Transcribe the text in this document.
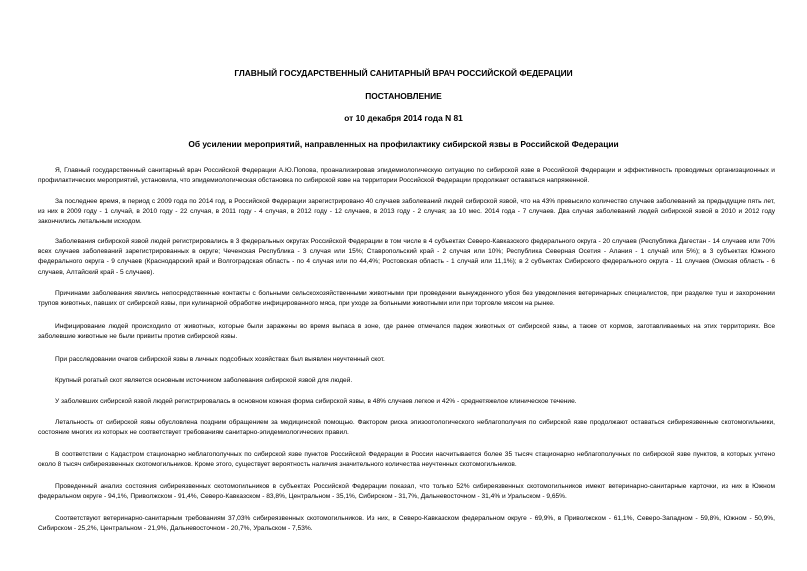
ГЛАВНЫЙ ГОСУДАРСТВЕННЫЙ САНИТАРНЫЙ ВРАЧ РОССИЙСКОЙ ФЕДЕРАЦИИ
ПОСТАНОВЛЕНИЕ
от 10 декабря 2014 года N 81
Об усилении мероприятий, направленных на профилактику сибирской язвы в Российской Федерации

Я, Главный государственный санитарный врач Российской Федерации А.Ю.Попова, проанализировав эпидемиологическую ситуацию по сибирской язве в Российской Федерации и эффективность проводимых организационных и профилактических мероприятий, установила, что эпидемиологическая обстановка по сибирской язве на территории Российской Федерации продолжает оставаться напряженной.

За последнее время, в период с 2009 года по 2014 год, в Российской Федерации зарегистрировано 40 случаев заболеваний людей сибирской язвой, что на 43% превысило количество случаев заболеваний за предыдущие пять лет, из них в 2009 году - 1 случай, в 2010 году - 22 случая, в 2011 году - 4 случая, в 2012 году - 12 случаев, в 2013 году - 2 случая; за 10 мес. 2014 года - 7 случаев. Два случая заболеваний людей сибирской язвой в 2010 и 2012 году закончились летальным исходом.

Заболевания сибирской язвой людей регистрировались в 3 федеральных округах Российской Федерации в том числе в 4 субъектах Северо-Кавказского федерального округа - 20 случаев (Республика Дагестан - 14 случаев или 70% всех случаев заболеваний зарегистрированных в округе; Чеченская Республика - 3 случая или 15%; Ставропольский край - 2 случая или 10%; Республика Северная Осетия - Алания - 1 случай или 5%); в 3 субъектах Южного федерального округа - 9 случаев (Краснодарский край и Волгоградская область - по 4 случая или по 44,4%; Ростовская область - 1 случай или 11,1%); в 2 субъектах Сибирского федерального округа - 11 случаев (Омская область - 6 случаев, Алтайский край - 5 случаев).

Причинами заболевания явились непосредственные контакты с больными сельскохозяйственными животными при проведении вынужденного убоя без уведомления ветеринарных специалистов, при разделке туш и захоронении трупов животных, павших от сибирской язвы, при кулинарной обработке инфицированного мяса, при уходе за больными животными или при торговле мясом на рынке.

Инфицирование людей происходило от животных, которые были заражены во время выпаса в зоне, где ранее отмечался падеж животных от сибирской язвы, а также от кормов, заготавливаемых на этих территориях. Все заболевшие животные не были привиты против сибирской язвы.

При расследовании очагов сибирской язвы в личных подсобных хозяйствах был выявлен неучтенный скот.

Крупный рогатый скот является основным источником заболевания сибирской язвой для людей.

У заболевших сибирской язвой людей регистрировалась в основном кожная форма сибирской язвы, в 48% случаев легкое и 42% - среднетяжелое клиническое течение.

Летальность от сибирской язвы обусловлена поздним обращением за медицинской помощью. Фактором риска эпизоотологического неблагополучия по сибирской язве продолжают оставаться сибиреязвенные скотомогильники, состояние многих из которых не соответствует требованиям санитарно-эпидемиологических правил.

В соответствии с Кадастром стационарно неблагополучных по сибирской язве пунктов Российской Федерации в России насчитывается более 35 тысяч стационарно неблагополучных по сибирской язве пунктов, в которых учтено около 8 тысяч сибиреязвенных скотомогильников. Кроме этого, существует вероятность наличия значительного количества неучтенных скотомогильников.

Проведенный анализ состояния сибиреязвенных скотомогильников в субъектах Российской Федерации показал, что только 52% сибиреязвенных скотомогильников имеют ветеринарно-санитарные карточки, из них в Южном федеральном округе - 94,1%, Приволжском - 91,4%, Северо-Кавказском - 83,8%, Центральном - 35,1%, Сибирском - 31,7%, Дальневосточном - 31,4% и Уральском - 9,65%.

Соответствуют ветеринарно-санитарным требованиям 37,03% сибиреязвенных скотомогильников. Из них, в Северо-Кавказском федеральном округе - 69,9%, в Приволжском - 61,1%, Северо-Западном - 59,8%, Южном - 50,9%, Сибирском - 25,2%, Центральном - 21,9%, Дальневосточном - 20,7%, Уральском - 7,53%.
